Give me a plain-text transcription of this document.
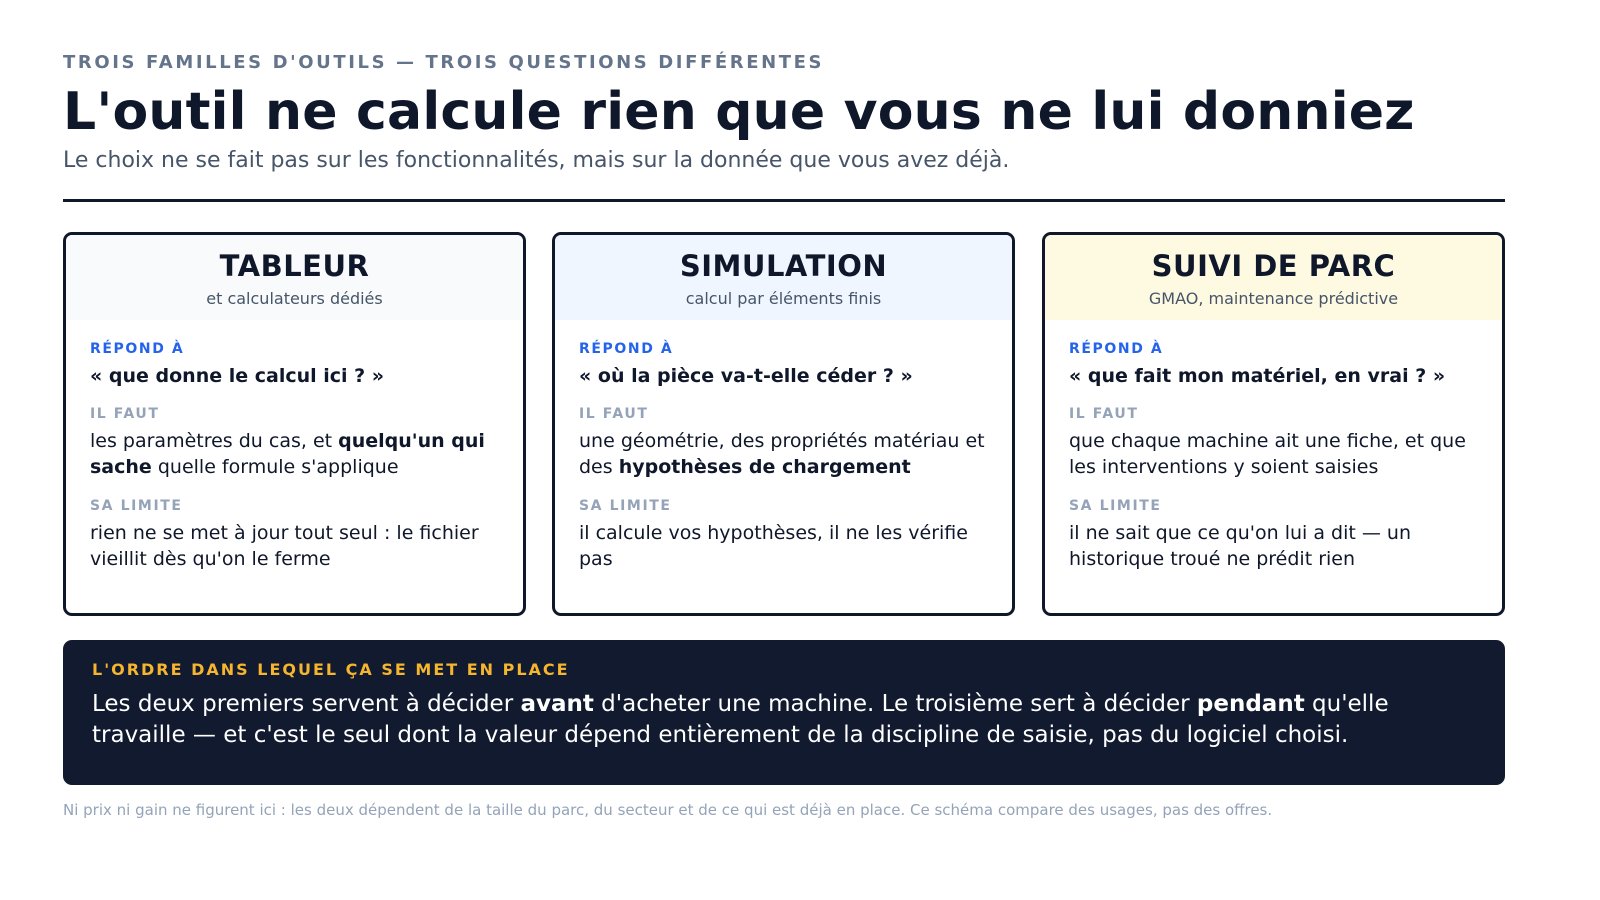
TROIS FAMILLES D'OUTILS — TROIS QUESTIONS DIFFÉRENTES
L'outil ne calcule rien que vous ne lui donniez
Le choix ne se fait pas sur les fonctionnalités, mais sur la donnée que vous avez déjà.
TABLEUR
et calculateurs dédiés
RÉPOND À
« que donne le calcul ici ? »
IL FAUT
les paramètres du cas, et quelqu'un qui sache quelle formule s'applique
SA LIMITE
rien ne se met à jour tout seul : le fichier vieillit dès qu'on le ferme
SIMULATION
calcul par éléments finis
RÉPOND À
« où la pièce va-t-elle céder ? »
IL FAUT
une géométrie, des propriétés matériau et des hypothèses de chargement
SA LIMITE
il calcule vos hypothèses, il ne les vérifie pas
SUIVI DE PARC
GMAO, maintenance prédictive
RÉPOND À
« que fait mon matériel, en vrai ? »
IL FAUT
que chaque machine ait une fiche, et que les interventions y soient saisies
SA LIMITE
il ne sait que ce qu'on lui a dit — un historique troué ne prédit rien
L'ORDRE DANS LEQUEL ÇA SE MET EN PLACE
Les deux premiers servent à décider avant d'acheter une machine. Le troisième sert à décider pendant qu'elle travaille — et c'est le seul dont la valeur dépend entièrement de la discipline de saisie, pas du logiciel choisi.
Ni prix ni gain ne figurent ici : les deux dépendent de la taille du parc, du secteur et de ce qui est déjà en place. Ce schéma compare des usages, pas des offres.
